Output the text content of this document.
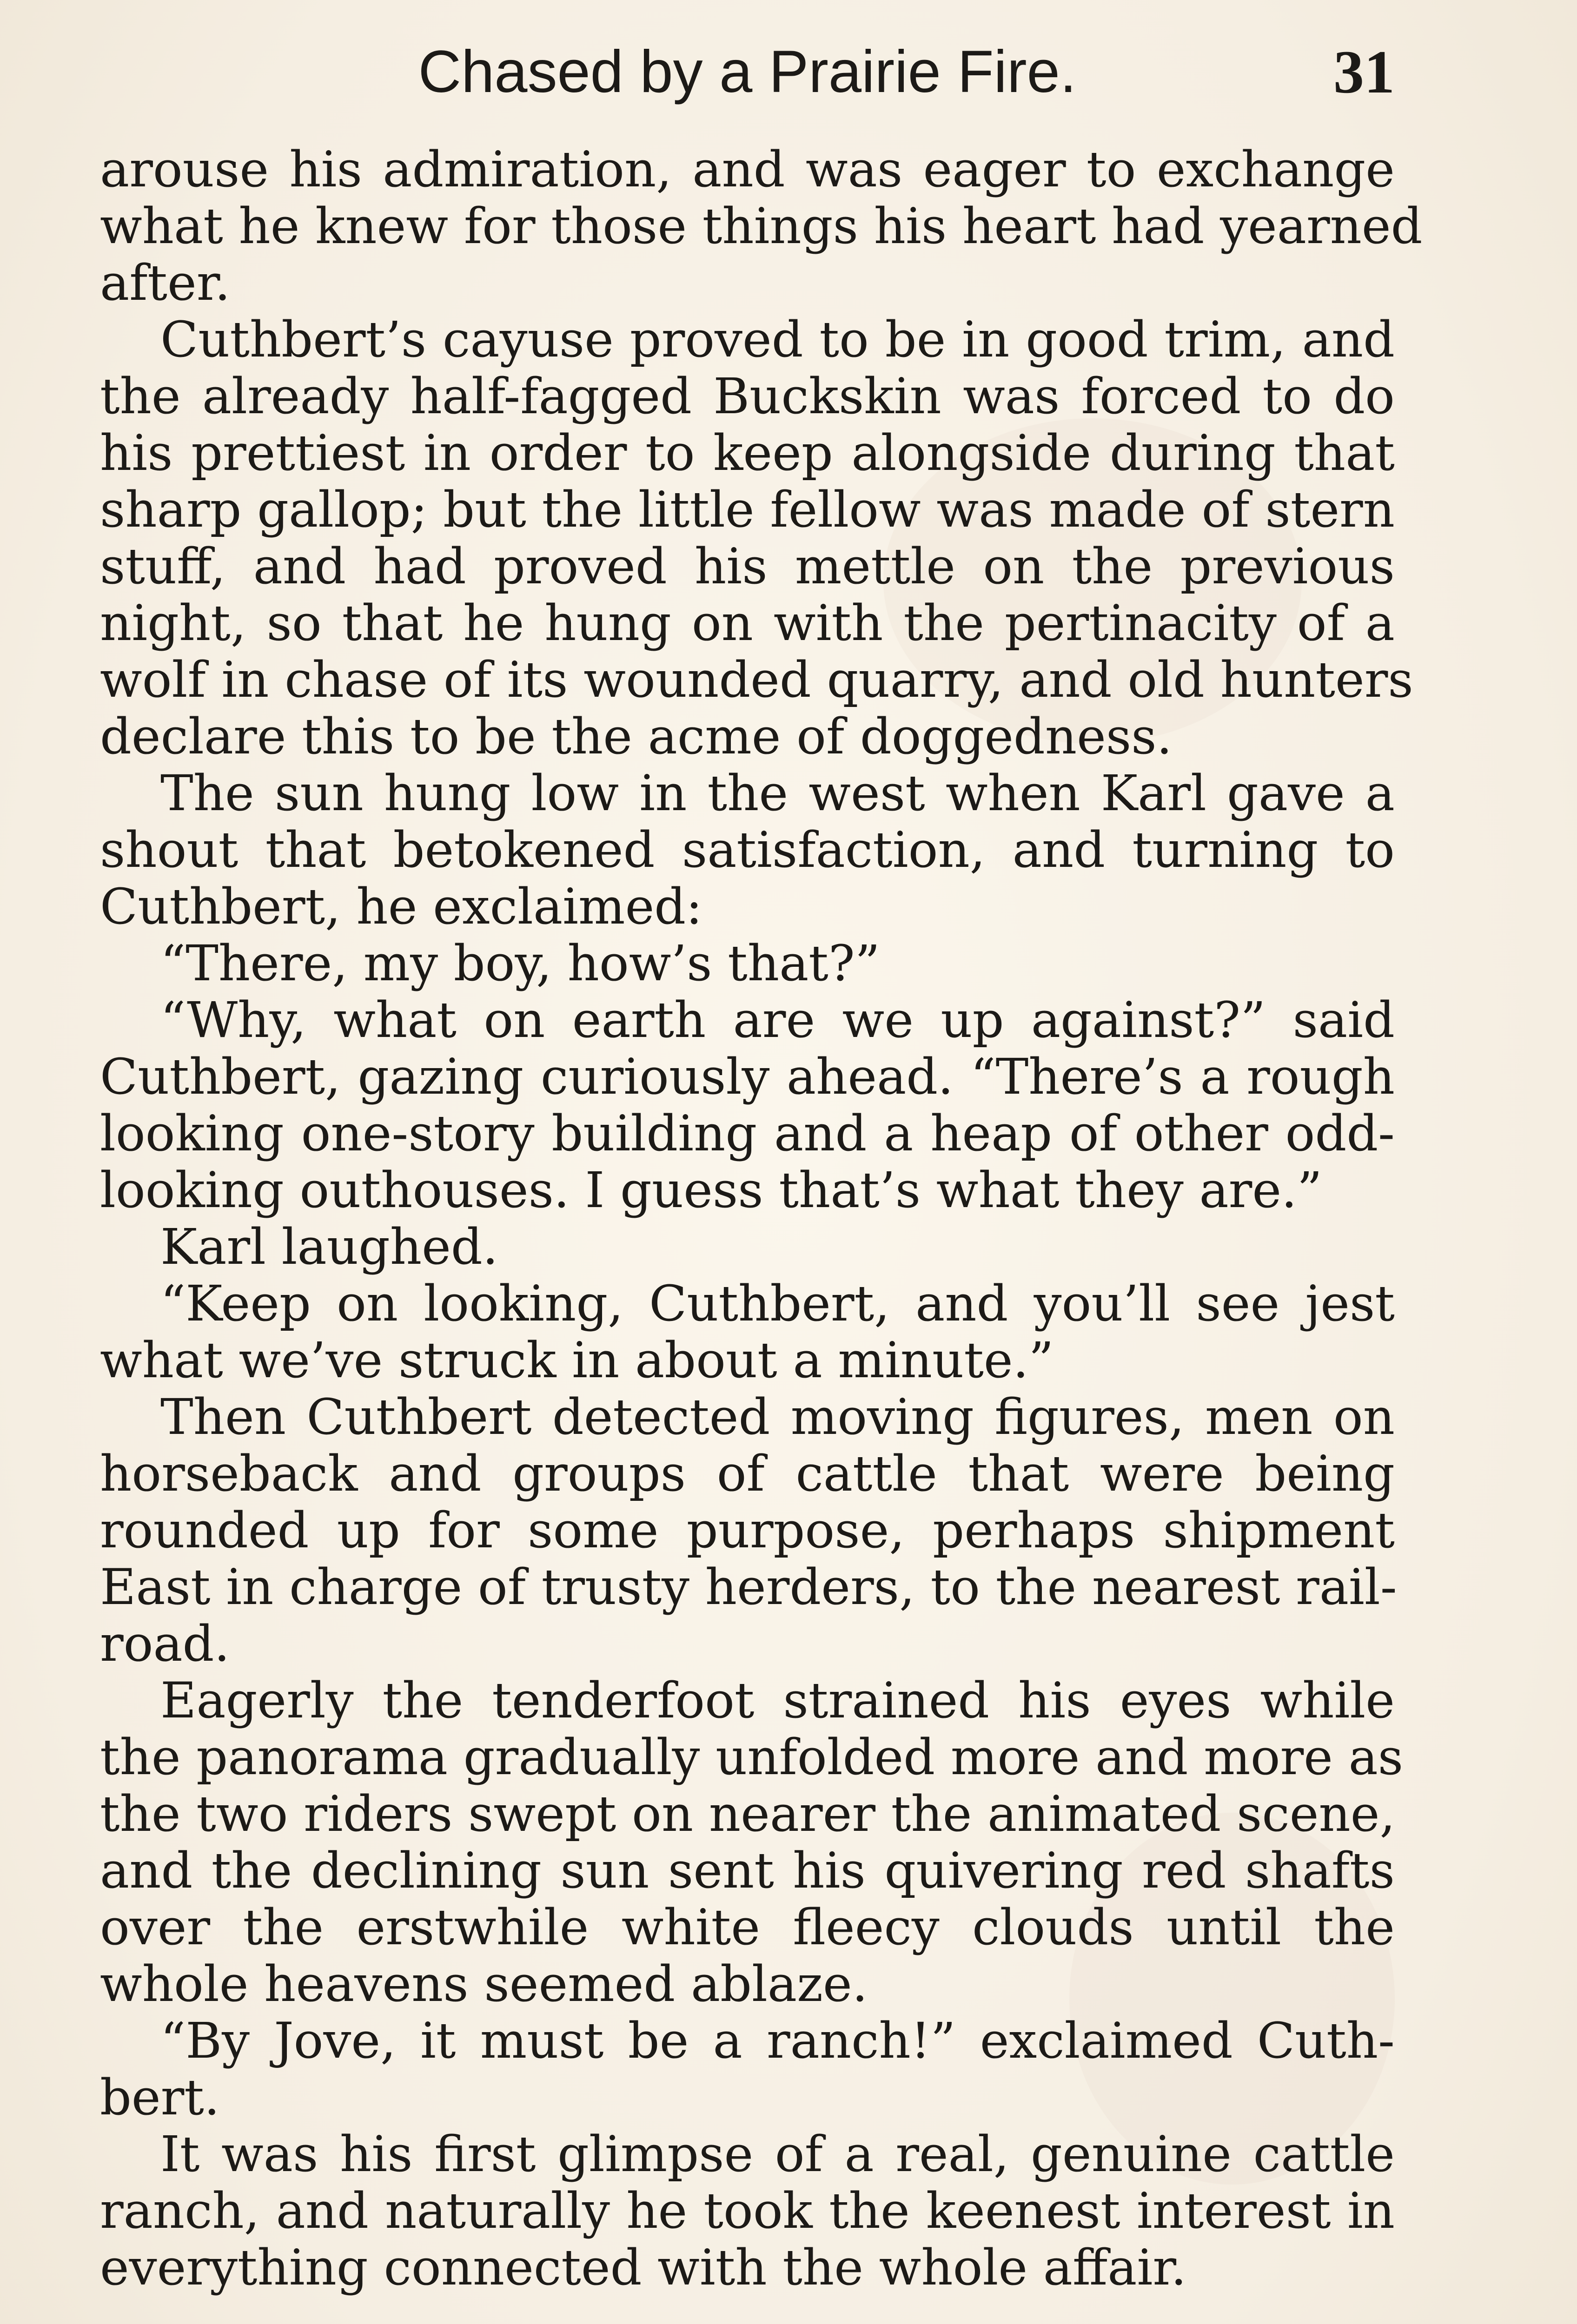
Chased by a Prairie Fire.	31
arouse his admiration, and was eager to exchange
what he knew for those things his heart had yearned
after.
Cuthbert’s cayuse proved to be in good trim, and
the already half-fagged Buckskin was forced to do
his prettiest in order to keep alongside during that
sharp gallop; but the little fellow was made of stern
stuff, and had proved his mettle on the previous
night, so that he hung on with the pertinacity of a
wolf in chase of its wounded quarry, and old hunters
declare this to be the acme of doggedness.
The sun hung low in the west when Karl gave a
shout that betokened satisfaction, and turning to
Cuthbert, he exclaimed:
“There, my boy, how’s that?”
“Why, what on earth are we up against?” said
Cuthbert, gazing curiously ahead. “There’s a rough
looking one-story building and a heap of other odd-
looking outhouses. I guess that’s what they are.”
Karl laughed.
“Keep on looking, Cuthbert, and you’ll see jest
what we’ve struck in about a minute.”
Then Cuthbert detected moving figures, men on
horseback and groups of cattle that were being
rounded up for some purpose, perhaps shipment
East in charge of trusty herders, to the nearest rail-
road.
Eagerly the tenderfoot strained his eyes while
the panorama gradually unfolded more and more as
the two riders swept on nearer the animated scene,
and the declining sun sent his quivering red shafts
over the erstwhile white fleecy clouds until the
whole heavens seemed ablaze.
“By Jove, it must be a ranch!” exclaimed Cuth-
bert.
It was his first glimpse of a real, genuine cattle
ranch, and naturally he took the keenest interest in
everything connected with the whole affair.
